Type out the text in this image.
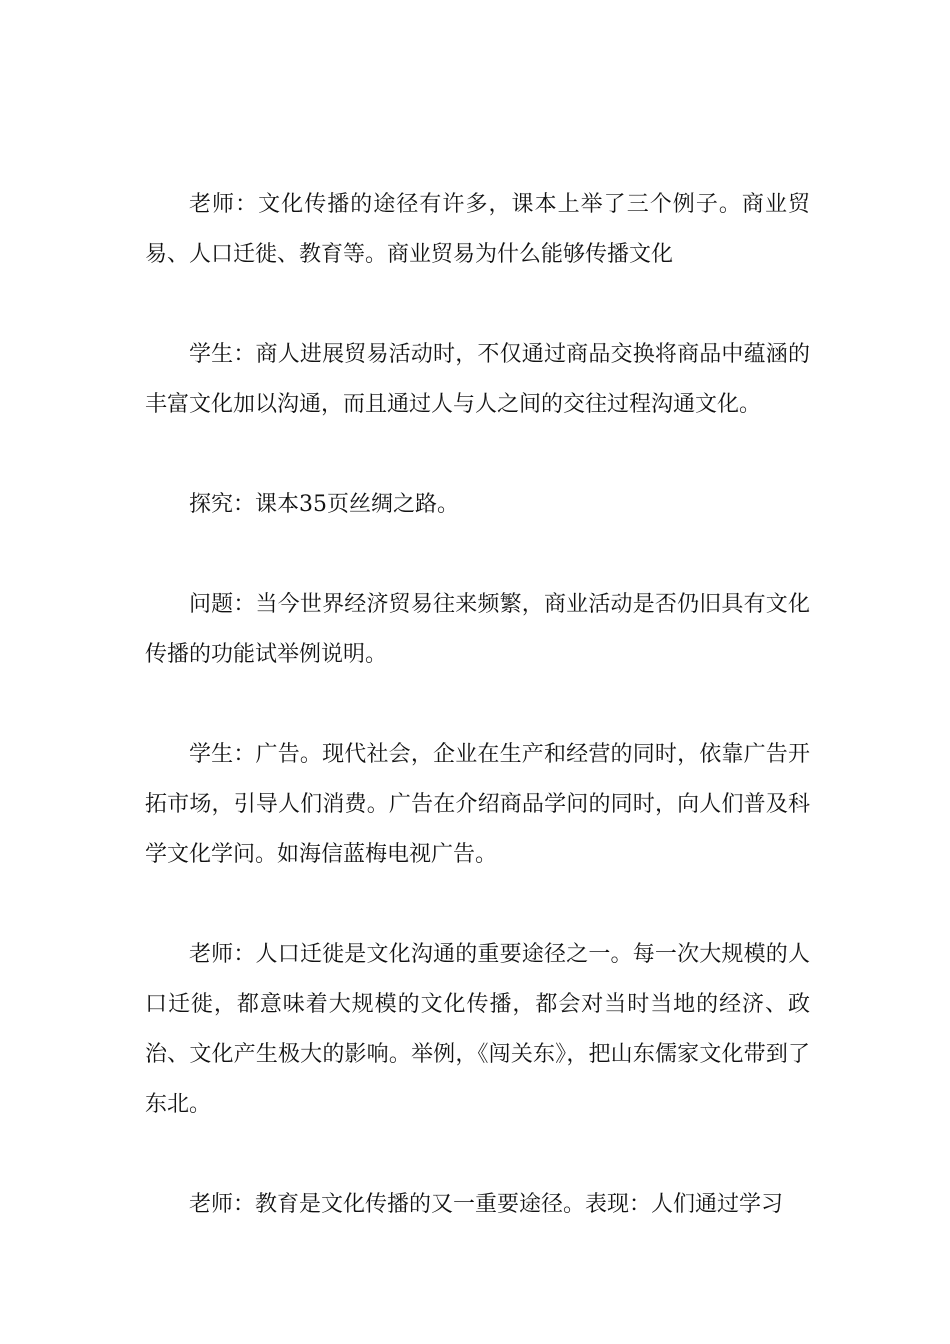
老师：文化传播的途径有许多，课本上举了三个例子。商业贸易、人口迁徙、教育等。商业贸易为什么能够传播文化

学生：商人进展贸易活动时，不仅通过商品交换将商品中蕴涵的丰富文化加以沟通，而且通过人与人之间的交往过程沟通文化。

探究：课本35页丝绸之路。

问题：当今世界经济贸易往来频繁，商业活动是否仍旧具有文化传播的功能试举例说明。

学生：广告。现代社会，企业在生产和经营的同时，依靠广告开拓市场，引导人们消费。广告在介绍商品学问的同时，向人们普及科学文化学问。如海信蓝梅电视广告。

老师：人口迁徙是文化沟通的重要途径之一。每一次大规模的人口迁徙，都意味着大规模的文化传播，都会对当时当地的经济、政治、文化产生极大的影响。举例，《闯关东》，把山东儒家文化带到了东北。

老师：教育是文化传播的又一重要途径。表现：人们通过学习
